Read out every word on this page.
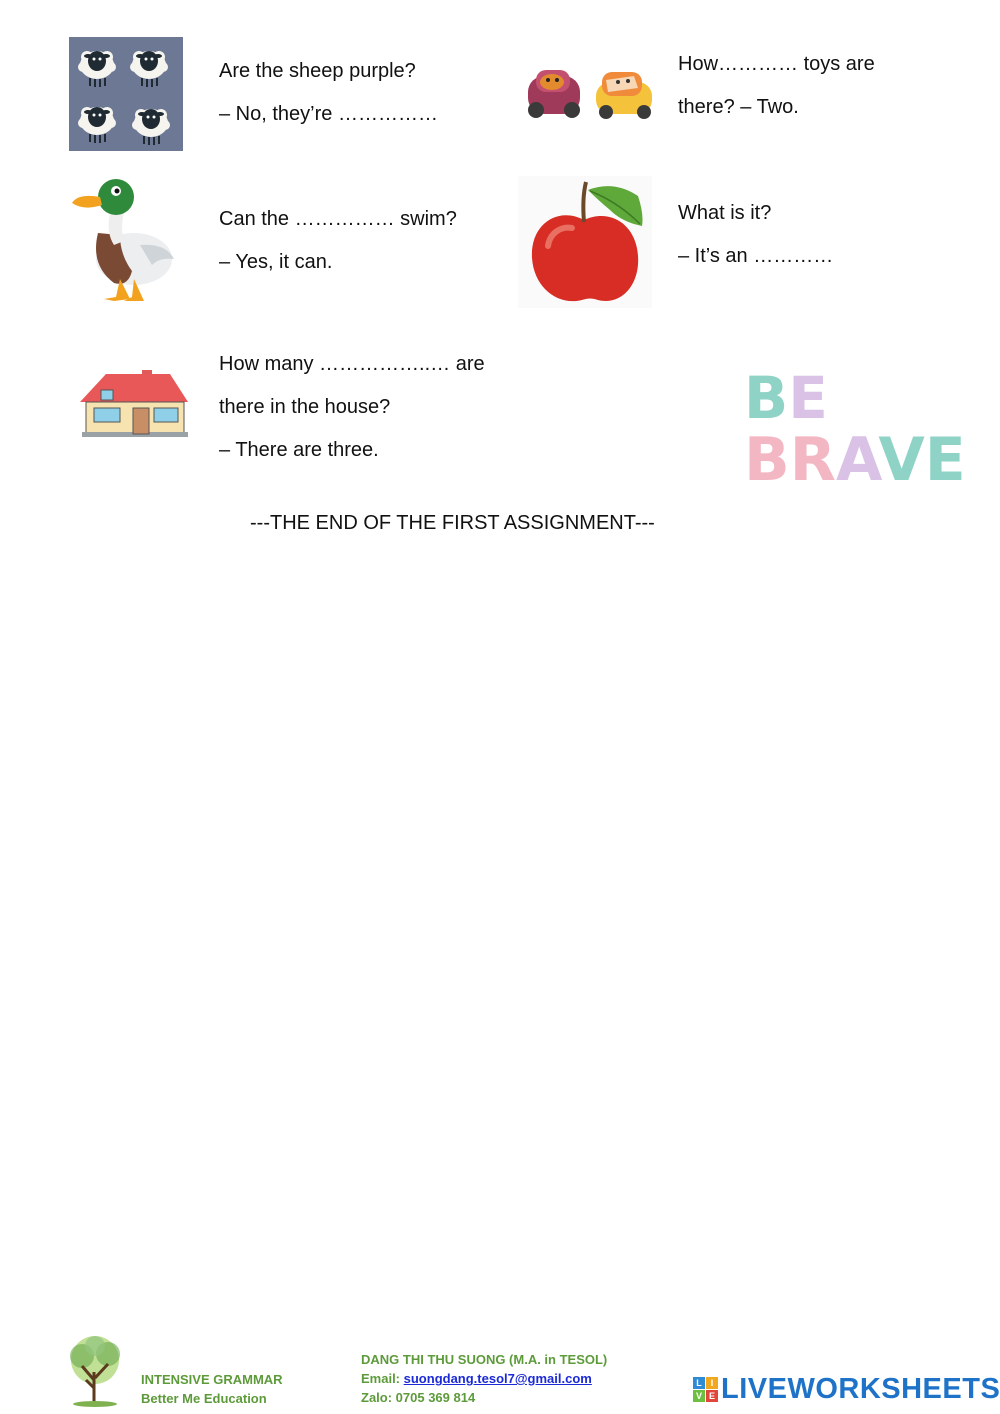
Are the sheep purple?
– No, they’re ……………
How………… toys are
there? – Two.
Can the …………… swim?
– Yes, it can.
What is it?
– It’s an …………
How many ……………..… are
there in the house?
– There are three.
BE
BRAVE
---THE END OF THE FIRST ASSIGNMENT---
INTENSIVE GRAMMAR
Better Me Education
DANG THI THU SUONG (M.A. in TESOL)
Email: suongdang.tesol7@gmail.com
Zalo: 0705 369 814
L I
V E LIVEWORKSHEETS
